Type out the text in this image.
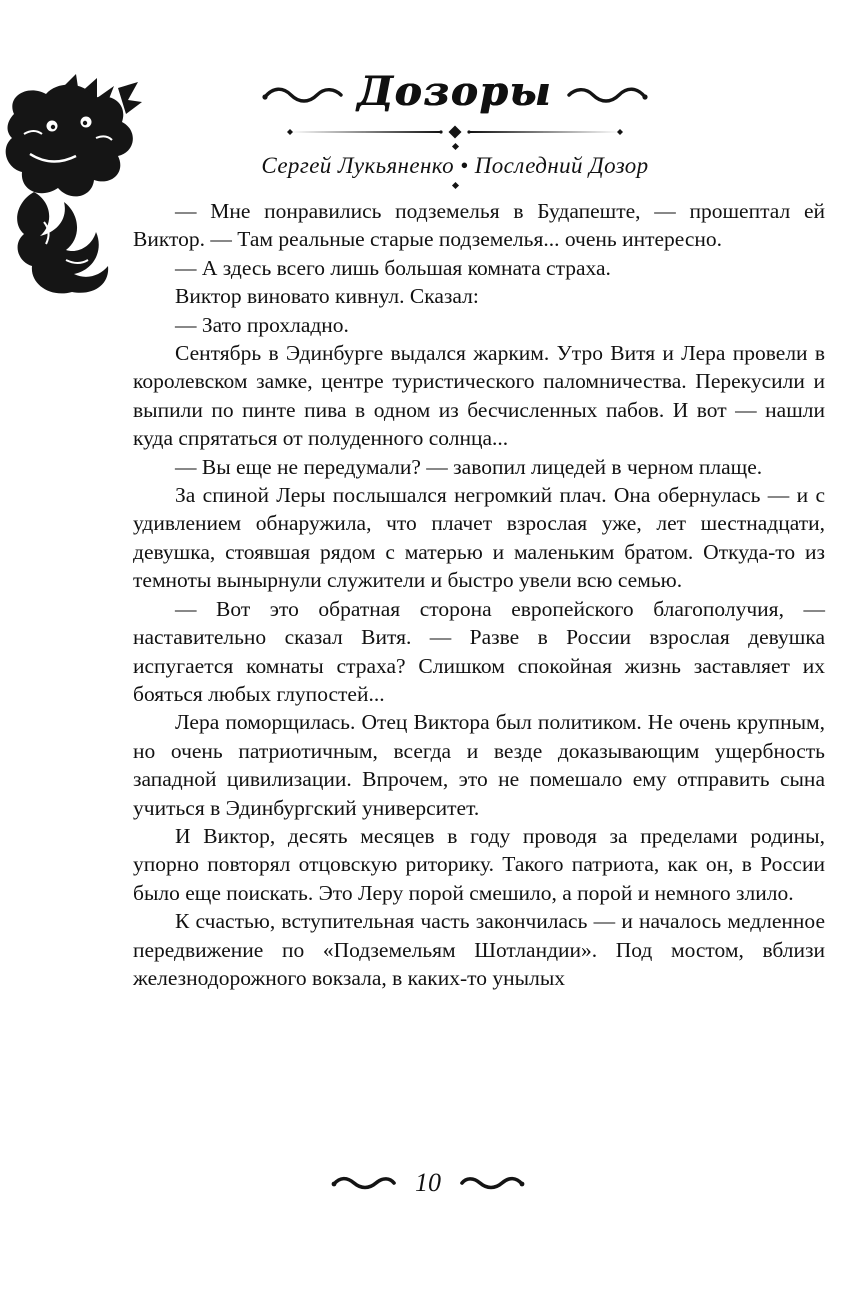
Дозоры
Сергей Лукьяненко • Последний Дозор

— Мне понравились подземелья в Будапеште, — прошептал ей Виктор. — Там реальные старые подземелья... очень интересно.

— А здесь всего лишь большая комната страха.

Виктор виновато кивнул. Сказал:

— Зато прохладно.

Сентябрь в Эдинбурге выдался жарким. Утро Витя и Лера провели в королевском замке, центре туристического паломничества. Перекусили и выпили по пинте пива в одном из бесчисленных пабов. И вот — нашли куда спрятаться от полуденного солнца...

— Вы еще не передумали? — завопил лицедей в черном плаще.

За спиной Леры послышался негромкий плач. Она обернулась — и с удивлением обнаружила, что плачет взрослая уже, лет шестнадцати, девушка, стоявшая рядом с матерью и маленьким братом. Откуда-то из темноты вынырнули служители и быстро увели всю семью.

— Вот это обратная сторона европейского благополучия, — наставительно сказал Витя. — Разве в России взрослая девушка испугается комнаты страха? Слишком спокойная жизнь заставляет их бояться любых глупостей...

Лера поморщилась. Отец Виктора был политиком. Не очень крупным, но очень патриотичным, всегда и везде доказывающим ущербность западной цивилизации. Впрочем, это не помешало ему отправить сына учиться в Эдинбургский университет.

И Виктор, десять месяцев в году проводя за пределами родины, упорно повторял отцовскую риторику. Такого патриота, как он, в России было еще поискать. Это Леру порой смешило, а порой и немного злило.

К счастью, вступительная часть закончилась — и началось медленное передвижение по «Подземельям Шотландии». Под мостом, вблизи железнодорожного вокзала, в каких-то унылых

10
